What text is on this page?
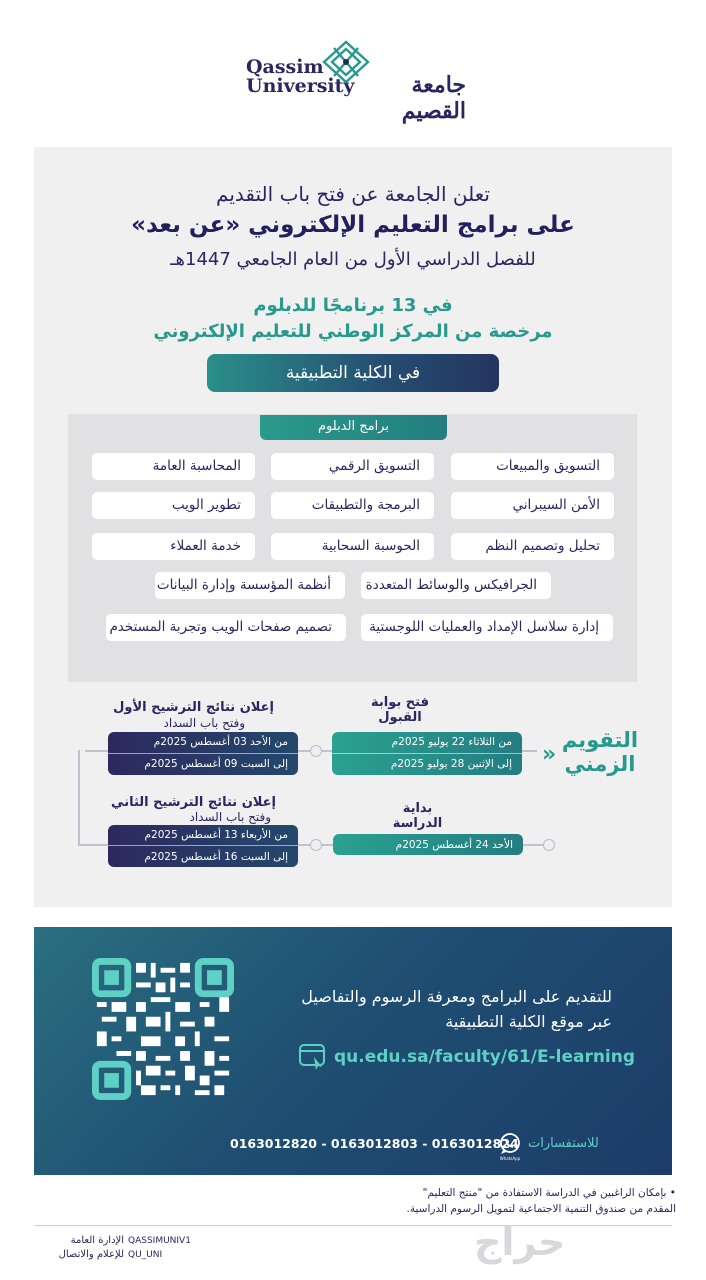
Qassim
University	جامعة القصيم
تعلن الجامعة عن فتح باب التقديم
على برامج التعليم الإلكتروني «عن بعد»
للفصل الدراسي الأول من العام الجامعي 1447هـ
في 13 برنامجًا للدبلوم
مرخصة من المركز الوطني للتعليم الإلكتروني
في الكلية التطبيقية
برامج الدبلوم
التسويق والمبيعات
التسويق الرقمي
المحاسبة العامة
الأمن السيبراني
البرمجة والتطبيقات
تطوير الويب
تحليل وتصميم النظم
الحوسبة السحابية
خدمة العملاء
الجرافيكس والوسائط المتعددة
أنظمة المؤسسة وإدارة البيانات
إدارة سلاسل الإمداد والعمليات اللوجستية
تصميم صفحات الويب وتجربة المستخدم
التقويم
الزمني
»
فتح بوابة
القبول
من الثلاثاء 22 يوليو 2025م
إلى الإثنين 28 يوليو 2025م
إعلان نتائج الترشيح الأول
وفتح باب السداد
من الأحد 03 أغسطس 2025م
إلى السبت 09 أغسطس 2025م
بداية
الدراسة
الأحد 24 أغسطس 2025م
إعلان نتائج الترشيح الثاني
وفتح باب السداد
من الأربعاء 13 أغسطس 2025م
إلى السبت 16 أغسطس 2025م
للتقديم على البرامج ومعرفة الرسوم والتفاصيل
عبر موقع الكلية التطبيقية
qu.edu.sa/faculty/61/E-learning
للاستفسارات
WhatsApp
0163012820 - 0163012803 - 0163012824
• بإمكان الراغبين في الدراسة الاستفادة من "منتج التعليم"
المقدم من صندوق التنمية الاجتماعية لتمويل الرسوم الدراسية.
الإدارة العامة
للإعلام والاتصال
QASSIMUNIV1
QU_UNI	حراج
